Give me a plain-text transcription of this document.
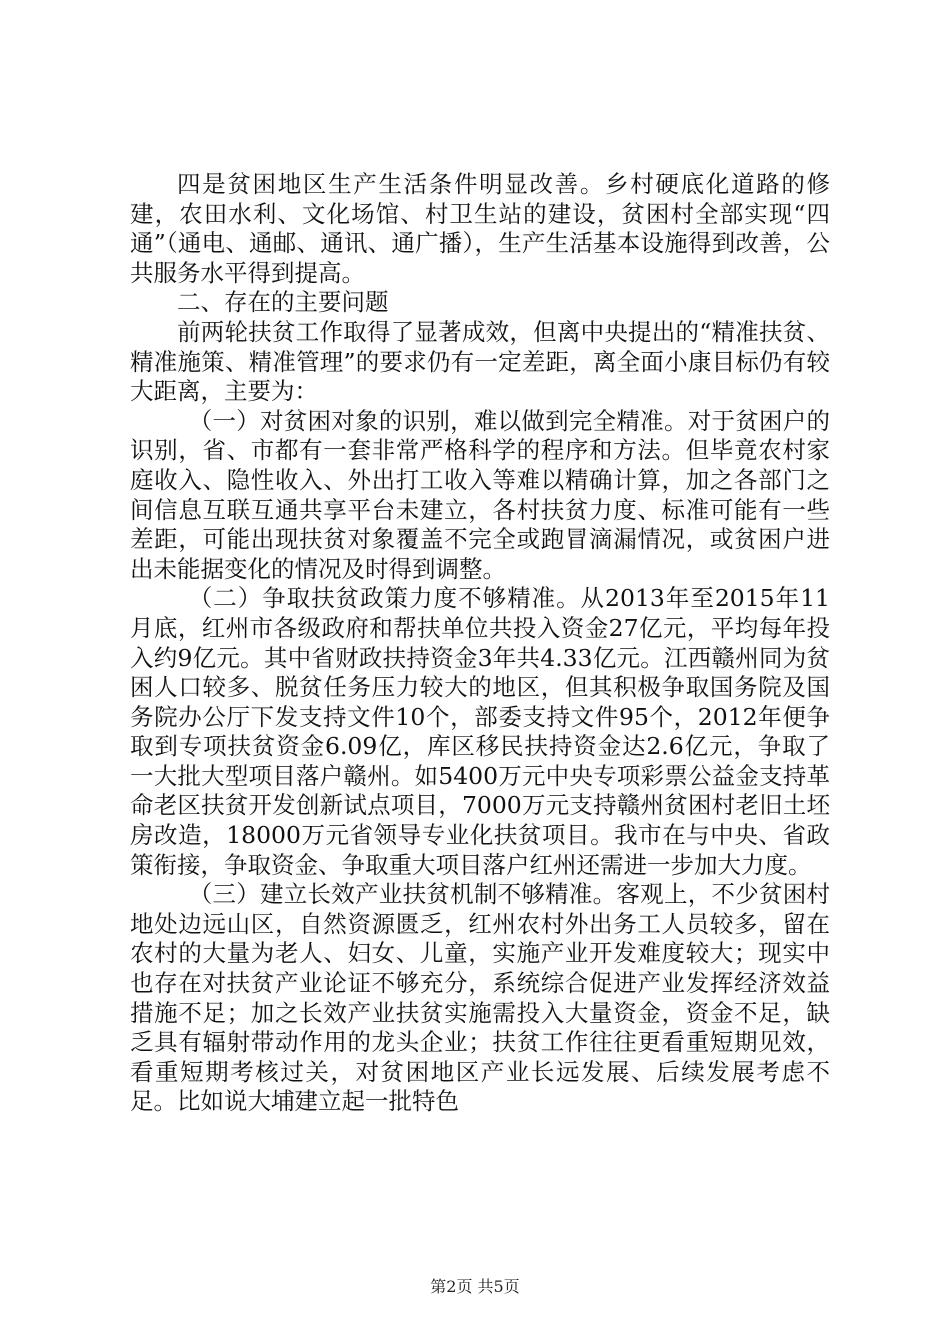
四是贫困地区生产生活条件明显改善。乡村硬底化道路的修建，农田水利、文化场馆、村卫生站的建设，贫困村全部实现“四通”（通电、通邮、通讯、通广播），生产生活基本设施得到改善，公共服务水平得到提高。

二、存在的主要问题

前两轮扶贫工作取得了显著成效，但离中央提出的“精准扶贫、精准施策、精准管理”的要求仍有一定差距，离全面小康目标仍有较大距离，主要为：

（一）对贫困对象的识别，难以做到完全精准。对于贫困户的识别，省、市都有一套非常严格科学的程序和方法。但毕竟农村家庭收入、隐性收入、外出打工收入等难以精确计算，加之各部门之间信息互联互通共享平台未建立，各村扶贫力度、标准可能有一些差距，可能出现扶贫对象覆盖不完全或跑冒滴漏情况，或贫困户进出未能据变化的情况及时得到调整。

（二）争取扶贫政策力度不够精准。从2013年至2015年11月底，红州市各级政府和帮扶单位共投入资金27亿元，平均每年投入约9亿元。其中省财政扶持资金3年共4.33亿元。江西赣州同为贫困人口较多、脱贫任务压力较大的地区，但其积极争取国务院及国务院办公厅下发支持文件10个，部委支持文件95个，2012年便争取到专项扶贫资金6.09亿，库区移民扶持资金达2.6亿元，争取了一大批大型项目落户赣州。如5400万元中央专项彩票公益金支持革命老区扶贫开发创新试点项目，7000万元支持赣州贫困村老旧土坯房改造，18000万元省领导专业化扶贫项目。我市在与中央、省政策衔接，争取资金、争取重大项目落户红州还需进一步加大力度。

（三）建立长效产业扶贫机制不够精准。客观上，不少贫困村地处边远山区，自然资源匮乏，红州农村外出务工人员较多，留在农村的大量为老人、妇女、儿童，实施产业开发难度较大；现实中也存在对扶贫产业论证不够充分，系统综合促进产业发挥经济效益措施不足；加之长效产业扶贫实施需投入大量资金，资金不足，缺乏具有辐射带动作用的龙头企业；扶贫工作往往更看重短期见效，看重短期考核过关，对贫困地区产业长远发展、后续发展考虑不足。比如说大埔建立起一批特色

第2页 共5页
